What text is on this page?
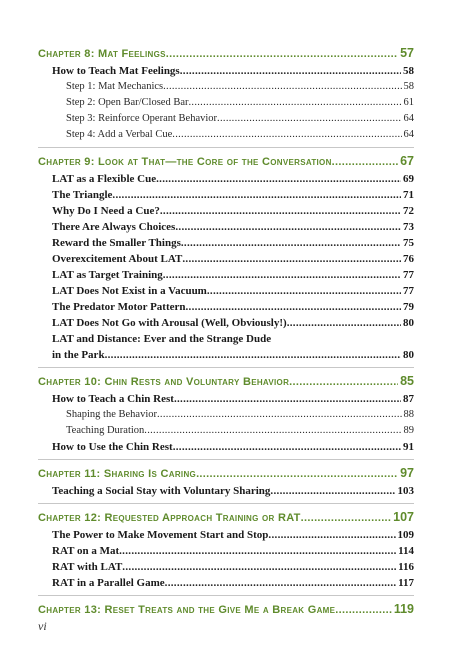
Chapter 8: Mat Feelings .....	57
How to Teach Mat Feelings .....	58
Step 1: Mat Mechanics .....	58
Step 2: Open Bar/Closed Bar .....	61
Step 3: Reinforce Operant Behavior .....	64
Step 4: Add a Verbal Cue .....	64
Chapter 9: Look at That—the Core of the Conversation .....	67
LAT as a Flexible Cue .....	69
The Triangle .....	71
Why Do I Need a Cue? .....	72
There Are Always Choices .....	73
Reward the Smaller Things .....	75
Overexcitement About LAT .....	76
LAT as Target Training .....	77
LAT Does Not Exist in a Vacuum .....	77
The Predator Motor Pattern .....	79
LAT Does Not Go with Arousal (Well, Obviously!) .....	80
LAT and Distance: Ever and the Strange Dude
in the Park .....	80
Chapter 10: Chin Rests and Voluntary Behavior .....	85
How to Teach a Chin Rest .....	87
Shaping the Behavior .....	88
Teaching Duration .....	89
How to Use the Chin Rest .....	91
Chapter 11: Sharing Is Caring .....	97
Teaching a Social Stay with Voluntary Sharing .....	103
Chapter 12: Requested Approach Training or RAT .....	107
The Power to Make Movement Start and Stop .....	109
RAT on a Mat .....	114
RAT with LAT .....	116
RAT in a Parallel Game .....	117
Chapter 13: Reset Treats and the Give Me a Break Game .....	119
vi
